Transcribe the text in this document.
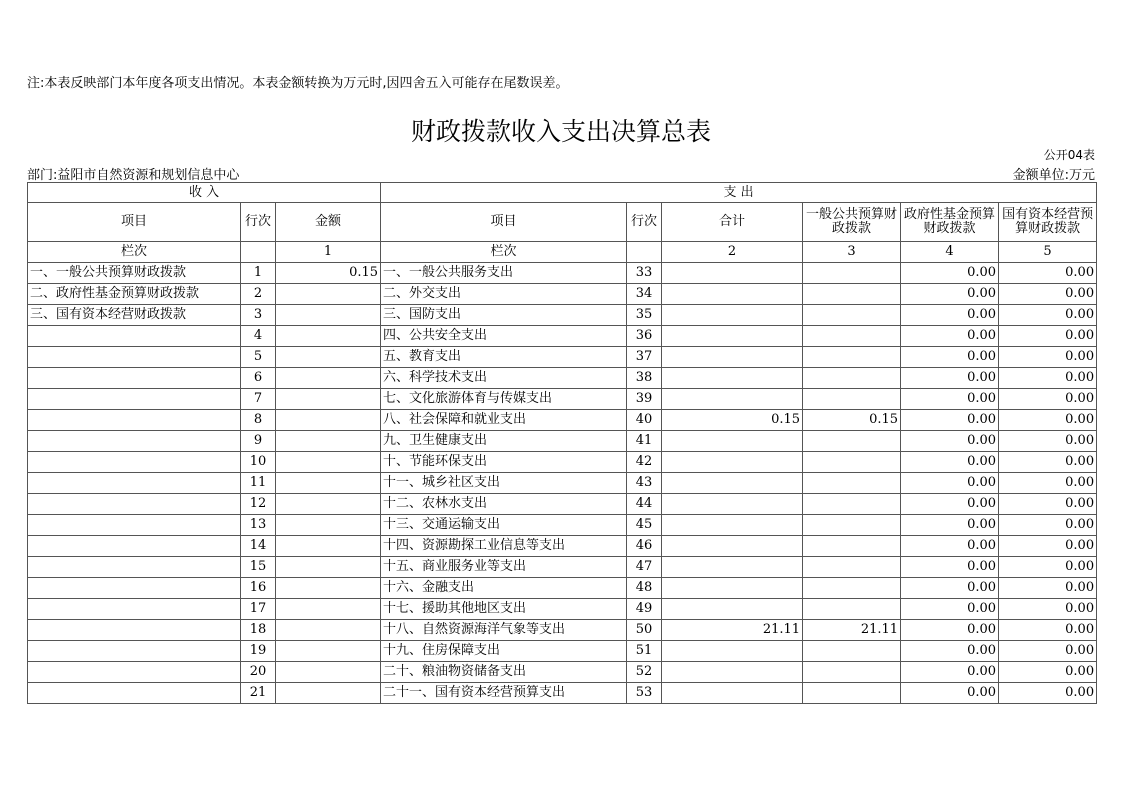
注:本表反映部门本年度各项支出情况。本表金额转换为万元时,因四舍五入可能存在尾数误差。
财政拨款收入支出决算总表
公开04表
部门:益阳市自然资源和规划信息中心	金额单位:万元
收 入			支 出					
项目	行次	金额	项目	行次	合计	一般公共预算财政拨款	政府性基金预算财政拨款	国有资本经营预算财政拨款
栏次		1	栏次		2	3	4	5
一、一般公共预算财政拨款	1	0.15	一、一般公共服务支出	33			0.00	0.00
二、政府性基金预算财政拨款	2		二、外交支出	34			0.00	0.00
三、国有资本经营财政拨款	3		三、国防支出	35			0.00	0.00
	4		四、公共安全支出	36			0.00	0.00
	5		五、教育支出	37			0.00	0.00
	6		六、科学技术支出	38			0.00	0.00
	7		七、文化旅游体育与传媒支出	39			0.00	0.00
	8		八、社会保障和就业支出	40	0.15	0.15	0.00	0.00
	9		九、卫生健康支出	41			0.00	0.00
	10		十、节能环保支出	42			0.00	0.00
	11		十一、城乡社区支出	43			0.00	0.00
	12		十二、农林水支出	44			0.00	0.00
	13		十三、交通运输支出	45			0.00	0.00
	14		十四、资源勘探工业信息等支出	46			0.00	0.00
	15		十五、商业服务业等支出	47			0.00	0.00
	16		十六、金融支出	48			0.00	0.00
	17		十七、援助其他地区支出	49			0.00	0.00
	18		十八、自然资源海洋气象等支出	50	21.11	21.11	0.00	0.00
	19		十九、住房保障支出	51			0.00	0.00
	20		二十、粮油物资储备支出	52			0.00	0.00
	21		二十一、国有资本经营预算支出	53			0.00	0.00
